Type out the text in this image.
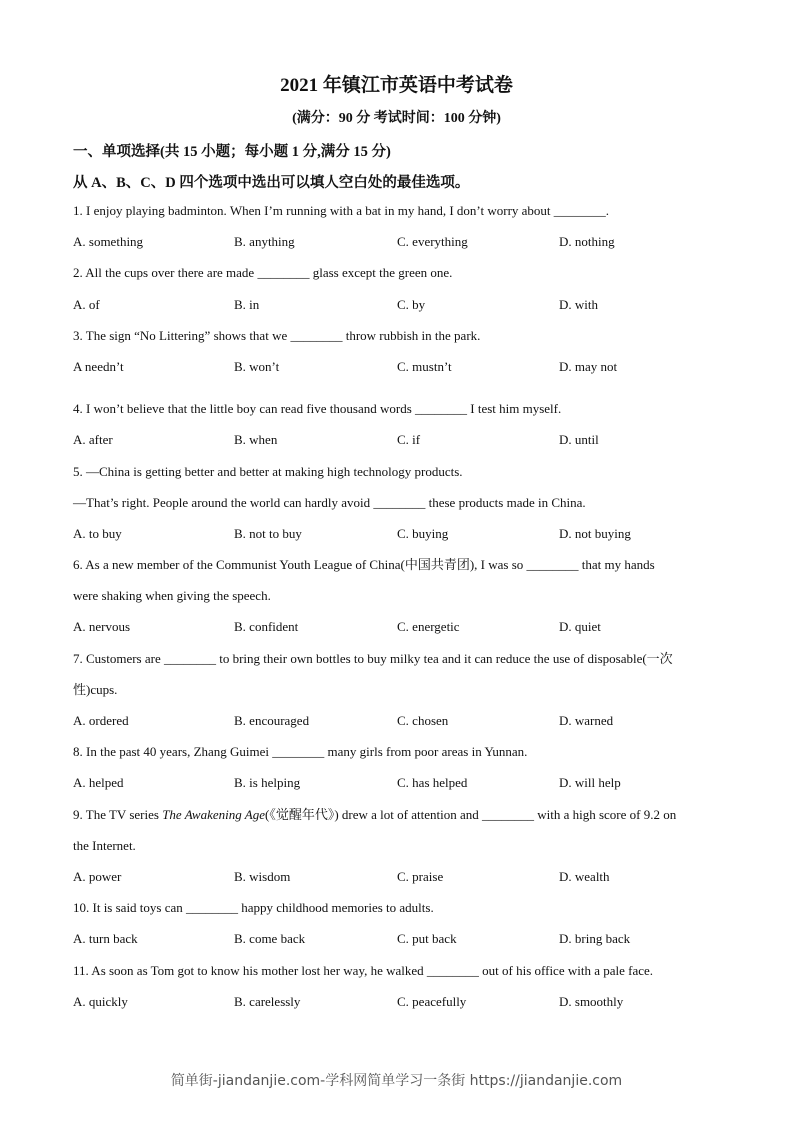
2021 年镇江市英语中考试卷
(满分：90 分 考试时间：100 分钟)
一、单项选择(共 15 小题；每小题 1 分,满分 15 分)
从 A、B、C、D 四个选项中选出可以填人空白处的最佳选项。
1. I enjoy playing badminton. When I’m running with a bat in my hand, I don’t worry about ________.
A. something	B. anything	C. everything	D. nothing
2. All the cups over there are made ________ glass except the green one.
A. of	B. in	C. by	D. with
3. The sign “No Littering” shows that we ________ throw rubbish in the park.
A needn’t	B. won’t	C. mustn’t	D. may not
4. I won’t believe that the little boy can read five thousand words ________ I test him myself.
A. after	B. when	C. if	D. until
5. —China is getting better and better at making high technology products.
—That’s right. People around the world can hardly avoid ________ these products made in China.
A. to buy	B. not to buy	C. buying	D. not buying
6. As a new member of the Communist Youth League of China(中国共青团), I was so ________ that my hands
were shaking when giving the speech.
A. nervous	B. confident	C. energetic	D. quiet
7. Customers are ________ to bring their own bottles to buy milky tea and it can reduce the use of disposable(一次
性)cups.
A. ordered	B. encouraged	C. chosen	D. warned
8. In the past 40 years, Zhang Guimei ________ many girls from poor areas in Yunnan.
A. helped	B. is helping	C. has helped	D. will help
9. The TV series The Awakening Age(《觉醒年代》) drew a lot of attention and ________ with a high score of 9.2 on
the Internet.
A. power	B. wisdom	C. praise	D. wealth
10. It is said toys can ________ happy childhood memories to adults.
A. turn back	B. come back	C. put back	D. bring back
11. As soon as Tom got to know his mother lost her way, he walked ________ out of his office with a pale face.
A. quickly	B. carelessly	C. peacefully	D. smoothly
简单街-jiandanjie.com-学科网简单学习一条街 https://jiandanjie.com
